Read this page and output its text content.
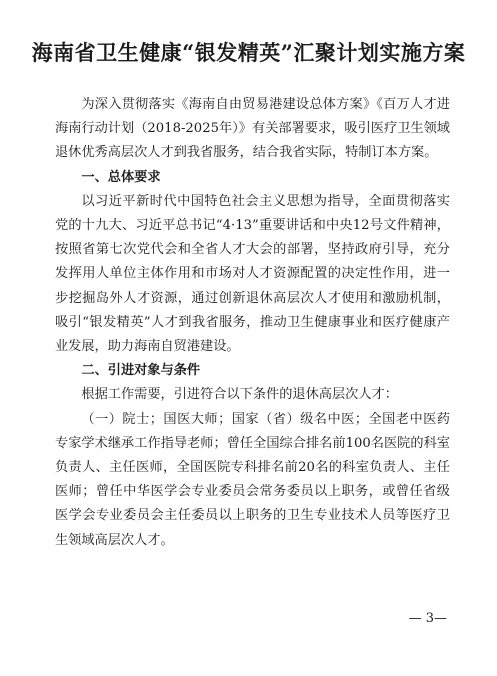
海南省卫生健康“银发精英”汇聚计划实施方案

为深入贯彻落实《海南自由贸易港建设总体方案》《百万人才进海南行动计划（2018-2025年）》有关部署要求，吸引医疗卫生领域退休优秀高层次人才到我省服务，结合我省实际，特制订本方案。

一、总体要求

以习近平新时代中国特色社会主义思想为指导，全面贯彻落实党的十九大、习近平总书记“4·13”重要讲话和中央12号文件精神，按照省第七次党代会和全省人才大会的部署，坚持政府引导，充分发挥用人单位主体作用和市场对人才资源配置的决定性作用，进一步挖掘岛外人才资源，通过创新退休高层次人才使用和激励机制，吸引“银发精英”人才到我省服务，推动卫生健康事业和医疗健康产业发展，助力海南自贸港建设。

二、引进对象与条件

根据工作需要，引进符合以下条件的退休高层次人才：

（一）院士；国医大师；国家（省）级名中医；全国老中医药专家学术继承工作指导老师；曾任全国综合排名前100名医院的科室负责人、主任医师，全国医院专科排名前20名的科室负责人、主任医师；曾任中华医学会专业委员会常务委员以上职务，或曾任省级医学会专业委员会主任委员以上职务的卫生专业技术人员等医疗卫生领域高层次人才。

— 3—
